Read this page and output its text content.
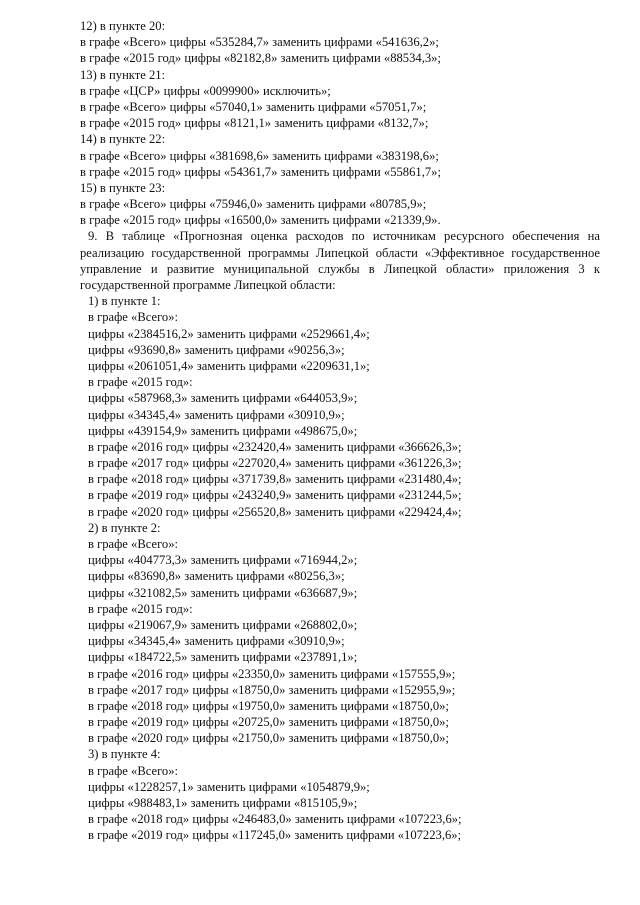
12) в пункте 20:
в графе «Всего» цифры «535284,7» заменить цифрами «541636,2»;
в графе «2015 год» цифры «82182,8» заменить цифрами «88534,3»;
13) в пункте 21:
в графе «ЦСР» цифры «0099900» исключить»;
в графе «Всего» цифры «57040,1» заменить цифрами «57051,7»;
в графе «2015 год» цифры «8121,1» заменить цифрами «8132,7»;
14) в пункте 22:
в графе «Всего» цифры «381698,6» заменить цифрами «383198,6»;
в графе «2015 год» цифры «54361,7» заменить цифрами «55861,7»;
15) в пункте 23:
в графе «Всего» цифры «75946,0» заменить цифрами «80785,9»;
в графе «2015 год» цифры «16500,0» заменить цифрами «21339,9».
9. В таблице «Прогнозная оценка расходов по источникам ресурсного обеспечения на
реализацию государственной программы Липецкой области «Эффективное государственное
управление и развитие муниципальной службы в Липецкой области» приложения 3 к
государственной программе Липецкой области:
1) в пункте 1:
в графе «Всего»:
цифры «2384516,2» заменить цифрами «2529661,4»;
цифры «93690,8» заменить цифрами «90256,3»;
цифры «2061051,4» заменить цифрами «2209631,1»;
в графе «2015 год»:
цифры «587968,3» заменить цифрами «644053,9»;
цифры «34345,4» заменить цифрами «30910,9»;
цифры «439154,9» заменить цифрами «498675,0»;
в графе «2016 год» цифры «232420,4» заменить цифрами «366626,3»;
в графе «2017 год» цифры «227020,4» заменить цифрами «361226,3»;
в графе «2018 год» цифры «371739,8» заменить цифрами «231480,4»;
в графе «2019 год» цифры «243240,9» заменить цифрами «231244,5»;
в графе «2020 год» цифры «256520,8» заменить цифрами «229424,4»;
2) в пункте 2:
в графе «Всего»:
цифры «404773,3» заменить цифрами «716944,2»;
цифры «83690,8» заменить цифрами «80256,3»;
цифры «321082,5» заменить цифрами «636687,9»;
в графе «2015 год»:
цифры «219067,9» заменить цифрами «268802,0»;
цифры «34345,4» заменить цифрами «30910,9»;
цифры «184722,5» заменить цифрами «237891,1»;
в графе «2016 год» цифры «23350,0» заменить цифрами «157555,9»;
в графе «2017 год» цифры «18750,0» заменить цифрами «152955,9»;
в графе «2018 год» цифры «19750,0» заменить цифрами «18750,0»;
в графе «2019 год» цифры «20725,0» заменить цифрами «18750,0»;
в графе «2020 год» цифры «21750,0» заменить цифрами «18750,0»;
3) в пункте 4:
в графе «Всего»:
цифры «1228257,1» заменить цифрами «1054879,9»;
цифры «988483,1» заменить цифрами «815105,9»;
в графе «2018 год» цифры «246483,0» заменить цифрами «107223,6»;
в графе «2019 год» цифры «117245,0» заменить цифрами «107223,6»;
